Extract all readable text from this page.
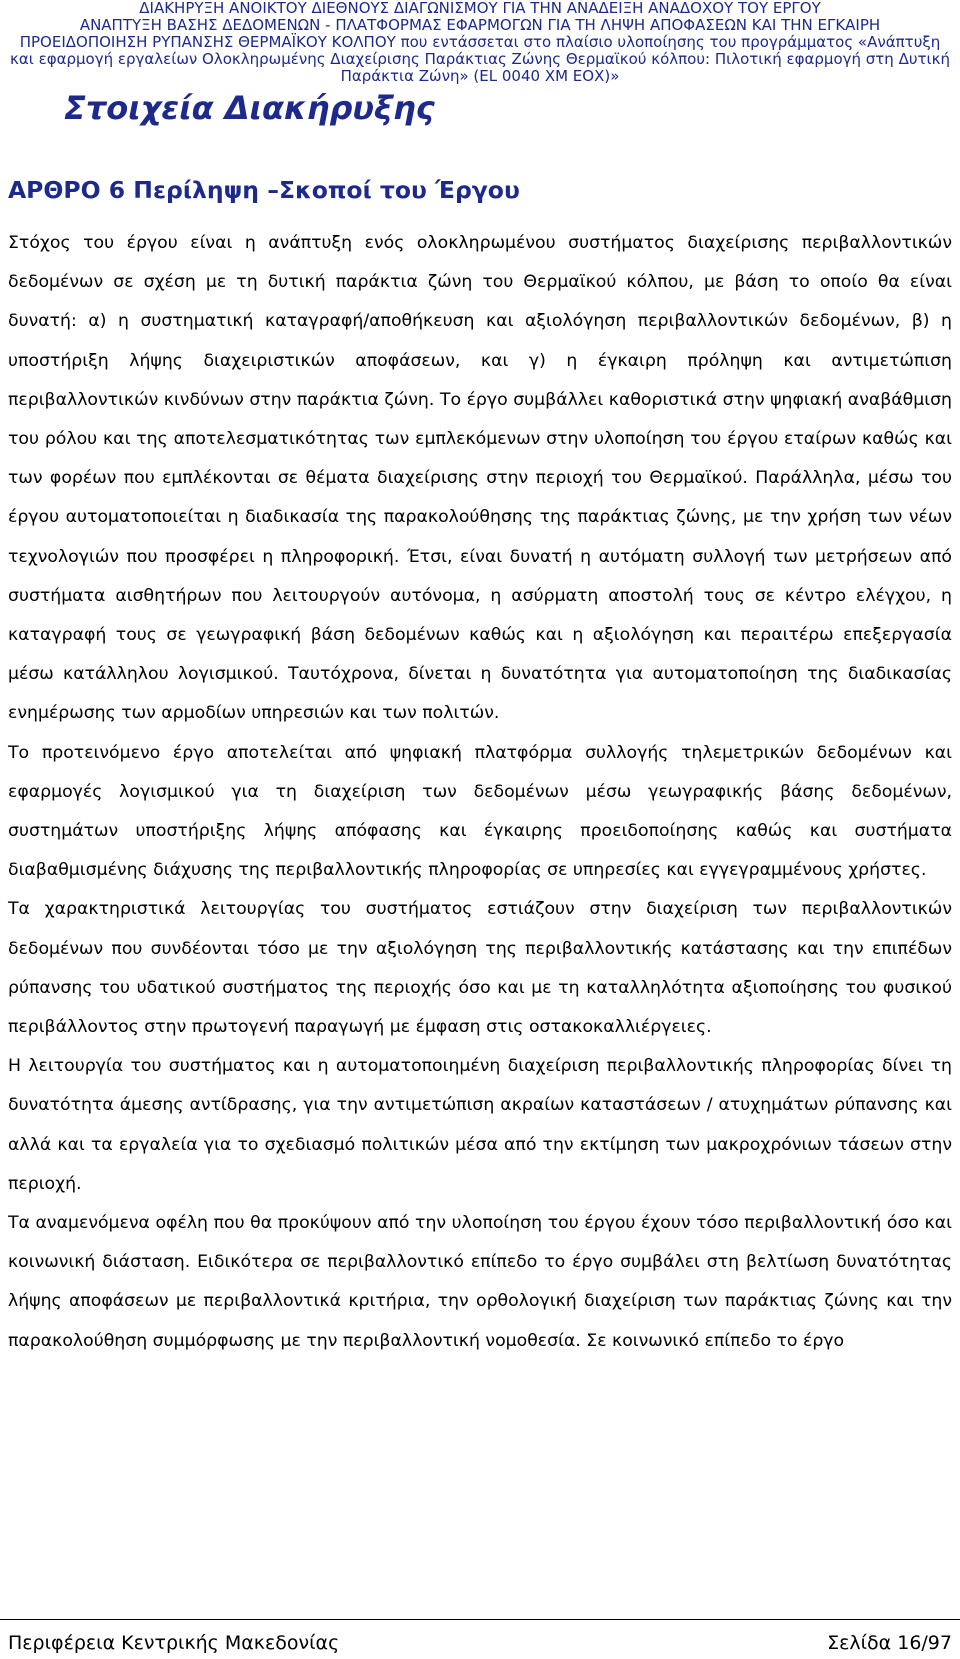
ΔΙΑΚΗΡΥΞΗ ΑΝΟΙΚΤΟΥ ΔΙΕΘΝΟΥΣ ΔΙΑΓΩΝΙΣΜΟΥ ΓΙΑ ΤΗΝ ΑΝΑΔΕΙΞΗ ΑΝΑΔΟΧΟΥ ΤΟΥ ΕΡΓΟΥ
ΑΝΑΠΤΥΞΗ ΒΑΣΗΣ ΔΕΔΟΜΕΝΩΝ - ΠΛΑΤΦΟΡΜΑΣ ΕΦΑΡΜΟΓΩΝ ΓΙΑ ΤΗ ΛΗΨΗ ΑΠΟΦΑΣΕΩΝ ΚΑΙ ΤΗΝ ΕΓΚΑΙΡΗ
ΠΡΟΕΙΔΟΠΟΙΗΣΗ ΡΥΠΑΝΣΗΣ ΘΕΡΜΑΪΚΟΥ ΚΟΛΠΟΥ που εντάσσεται στο πλαίσιο υλοποίησης του προγράμματος «Ανάπτυξη
και εφαρμογή εργαλείων Ολοκληρωμένης Διαχείρισης Παράκτιας Ζώνης Θερμαϊκού κόλπου: Πιλοτική εφαρμογή στη Δυτική
Παράκτια Ζώνη» (EL 0040 ΧΜ ΕΟΧ)»
Στοιχεία Διακήρυξης
ΑΡΘΡΟ 6 Περίληψη –Σκοποί του Έργου

Στόχος του έργου είναι η ανάπτυξη ενός ολοκληρωμένου συστήματος διαχείρισης περιβαλλοντικών δεδομένων σε σχέση με τη δυτική παράκτια ζώνη του Θερμαϊκού κόλπου, με βάση το οποίο θα είναι δυνατή: α) η συστηματική καταγραφή/αποθήκευση και αξιολόγηση περιβαλλοντικών δεδομένων, β) η υποστήριξη λήψης διαχειριστικών αποφάσεων, και γ) η έγκαιρη πρόληψη και αντιμετώπιση περιβαλλοντικών κινδύνων στην παράκτια ζώνη. Το έργο συμβάλλει καθοριστικά στην ψηφιακή αναβάθμιση του ρόλου και της αποτελεσματικότητας των εμπλεκόμενων στην υλοποίηση του έργου εταίρων καθώς και των φορέων που εμπλέκονται σε θέματα διαχείρισης στην περιοχή του Θερμαϊκού. Παράλληλα, μέσω του έργου αυτοματοποιείται η διαδικασία της παρακολούθησης της παράκτιας ζώνης, με την χρήση των νέων τεχνολογιών που προσφέρει η πληροφορική. Έτσι, είναι δυνατή η αυτόματη συλλογή των μετρήσεων από συστήματα αισθητήρων που λειτουργούν αυτόνομα, η ασύρματη αποστολή τους σε κέντρο ελέγχου, η καταγραφή τους σε γεωγραφική βάση δεδομένων καθώς και η αξιολόγηση και περαιτέρω επεξεργασία μέσω κατάλληλου λογισμικού. Ταυτόχρονα, δίνεται η δυνατότητα για αυτοματοποίηση της διαδικασίας ενημέρωσης των αρμοδίων υπηρεσιών και των πολιτών.

Το προτεινόμενο έργο αποτελείται από ψηφιακή πλατφόρμα συλλογής τηλεμετρικών δεδομένων και εφαρμογές λογισμικού για τη διαχείριση των δεδομένων μέσω γεωγραφικής βάσης δεδομένων, συστημάτων υποστήριξης λήψης απόφασης και έγκαιρης προειδοποίησης καθώς και συστήματα διαβαθμισμένης διάχυσης της περιβαλλοντικής πληροφορίας σε υπηρεσίες και εγγεγραμμένους χρήστες.

Τα χαρακτηριστικά λειτουργίας του συστήματος εστιάζουν στην διαχείριση των περιβαλλοντικών δεδομένων που συνδέονται τόσο με την αξιολόγηση της περιβαλλοντικής κατάστασης και την επιπέδων ρύπανσης του υδατικού συστήματος της περιοχής όσο και με τη καταλληλότητα αξιοποίησης του φυσικού περιβάλλοντος στην πρωτογενή παραγωγή με έμφαση στις οστακοκαλλιέργειες.

Η λειτουργία του συστήματος και η αυτοματοποιημένη διαχείριση περιβαλλοντικής πληροφορίας δίνει τη δυνατότητα άμεσης αντίδρασης, για την αντιμετώπιση ακραίων καταστάσεων / ατυχημάτων ρύπανσης και αλλά και τα εργαλεία για το σχεδιασμό πολιτικών μέσα από την εκτίμηση των μακροχρόνιων τάσεων στην περιοχή.

Τα αναμενόμενα οφέλη που θα προκύψουν από την υλοποίηση του έργου έχουν τόσο περιβαλλοντική όσο και κοινωνική διάσταση. Ειδικότερα σε περιβαλλοντικό επίπεδο το έργο συμβάλει στη βελτίωση δυνατότητας λήψης αποφάσεων με περιβαλλοντικά κριτήρια, την ορθολογική διαχείριση των παράκτιας ζώνης και την παρακολούθηση συμμόρφωσης με την περιβαλλοντική νομοθεσία. Σε κοινωνικό επίπεδο το έργο

Περιφέρεια Κεντρικής Μακεδονίας	Σελίδα 16/97
